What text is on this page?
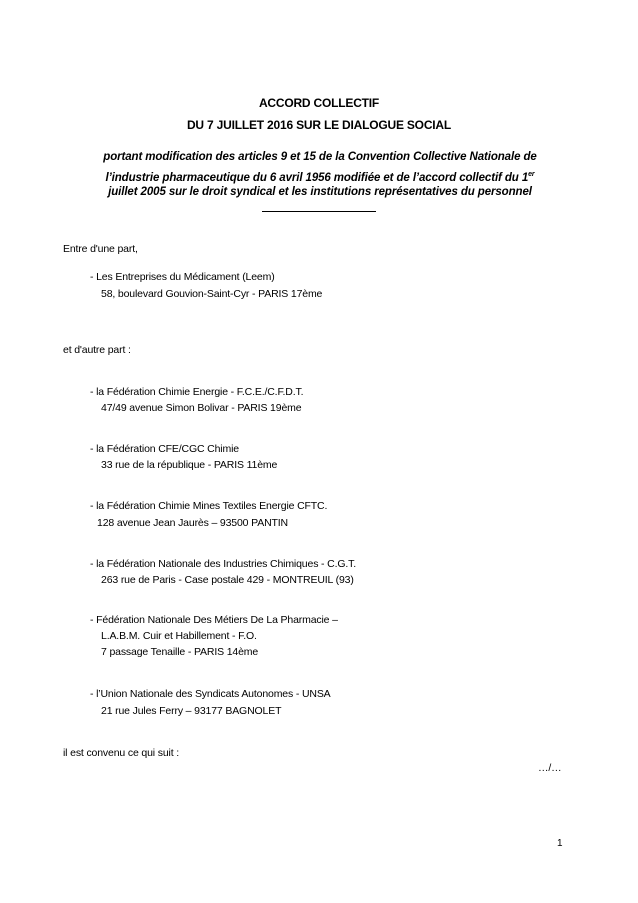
ACCORD COLLECTIF
DU 7 JUILLET 2016 SUR LE DIALOGUE SOCIAL
portant modification des articles 9 et 15 de la Convention Collective Nationale de
l’industrie pharmaceutique du 6 avril 1956 modifiée et de l’accord collectif du 1er
juillet 2005 sur le droit syndical et les institutions représentatives du personnel
Entre d'une part,
- Les Entreprises du Médicament (Leem)
58, boulevard Gouvion-Saint-Cyr - PARIS 17ème
et d'autre part :
- la Fédération Chimie Energie - F.C.E./C.F.D.T.
47/49 avenue Simon Bolivar - PARIS 19ème
- la Fédération CFE/CGC Chimie
33 rue de la république - PARIS 11ème
- la Fédération Chimie Mines Textiles Energie CFTC.
128 avenue Jean Jaurès – 93500 PANTIN
- la Fédération Nationale des Industries Chimiques - C.G.T.
263 rue de Paris - Case postale 429 - MONTREUIL (93)
- Fédération Nationale Des Métiers De La Pharmacie –
L.A.B.M. Cuir et Habillement - F.O.
7 passage Tenaille - PARIS 14ème
- l’Union Nationale des Syndicats Autonomes - UNSA
21 rue Jules Ferry – 93177 BAGNOLET
il est convenu ce qui suit :
…/…
1
